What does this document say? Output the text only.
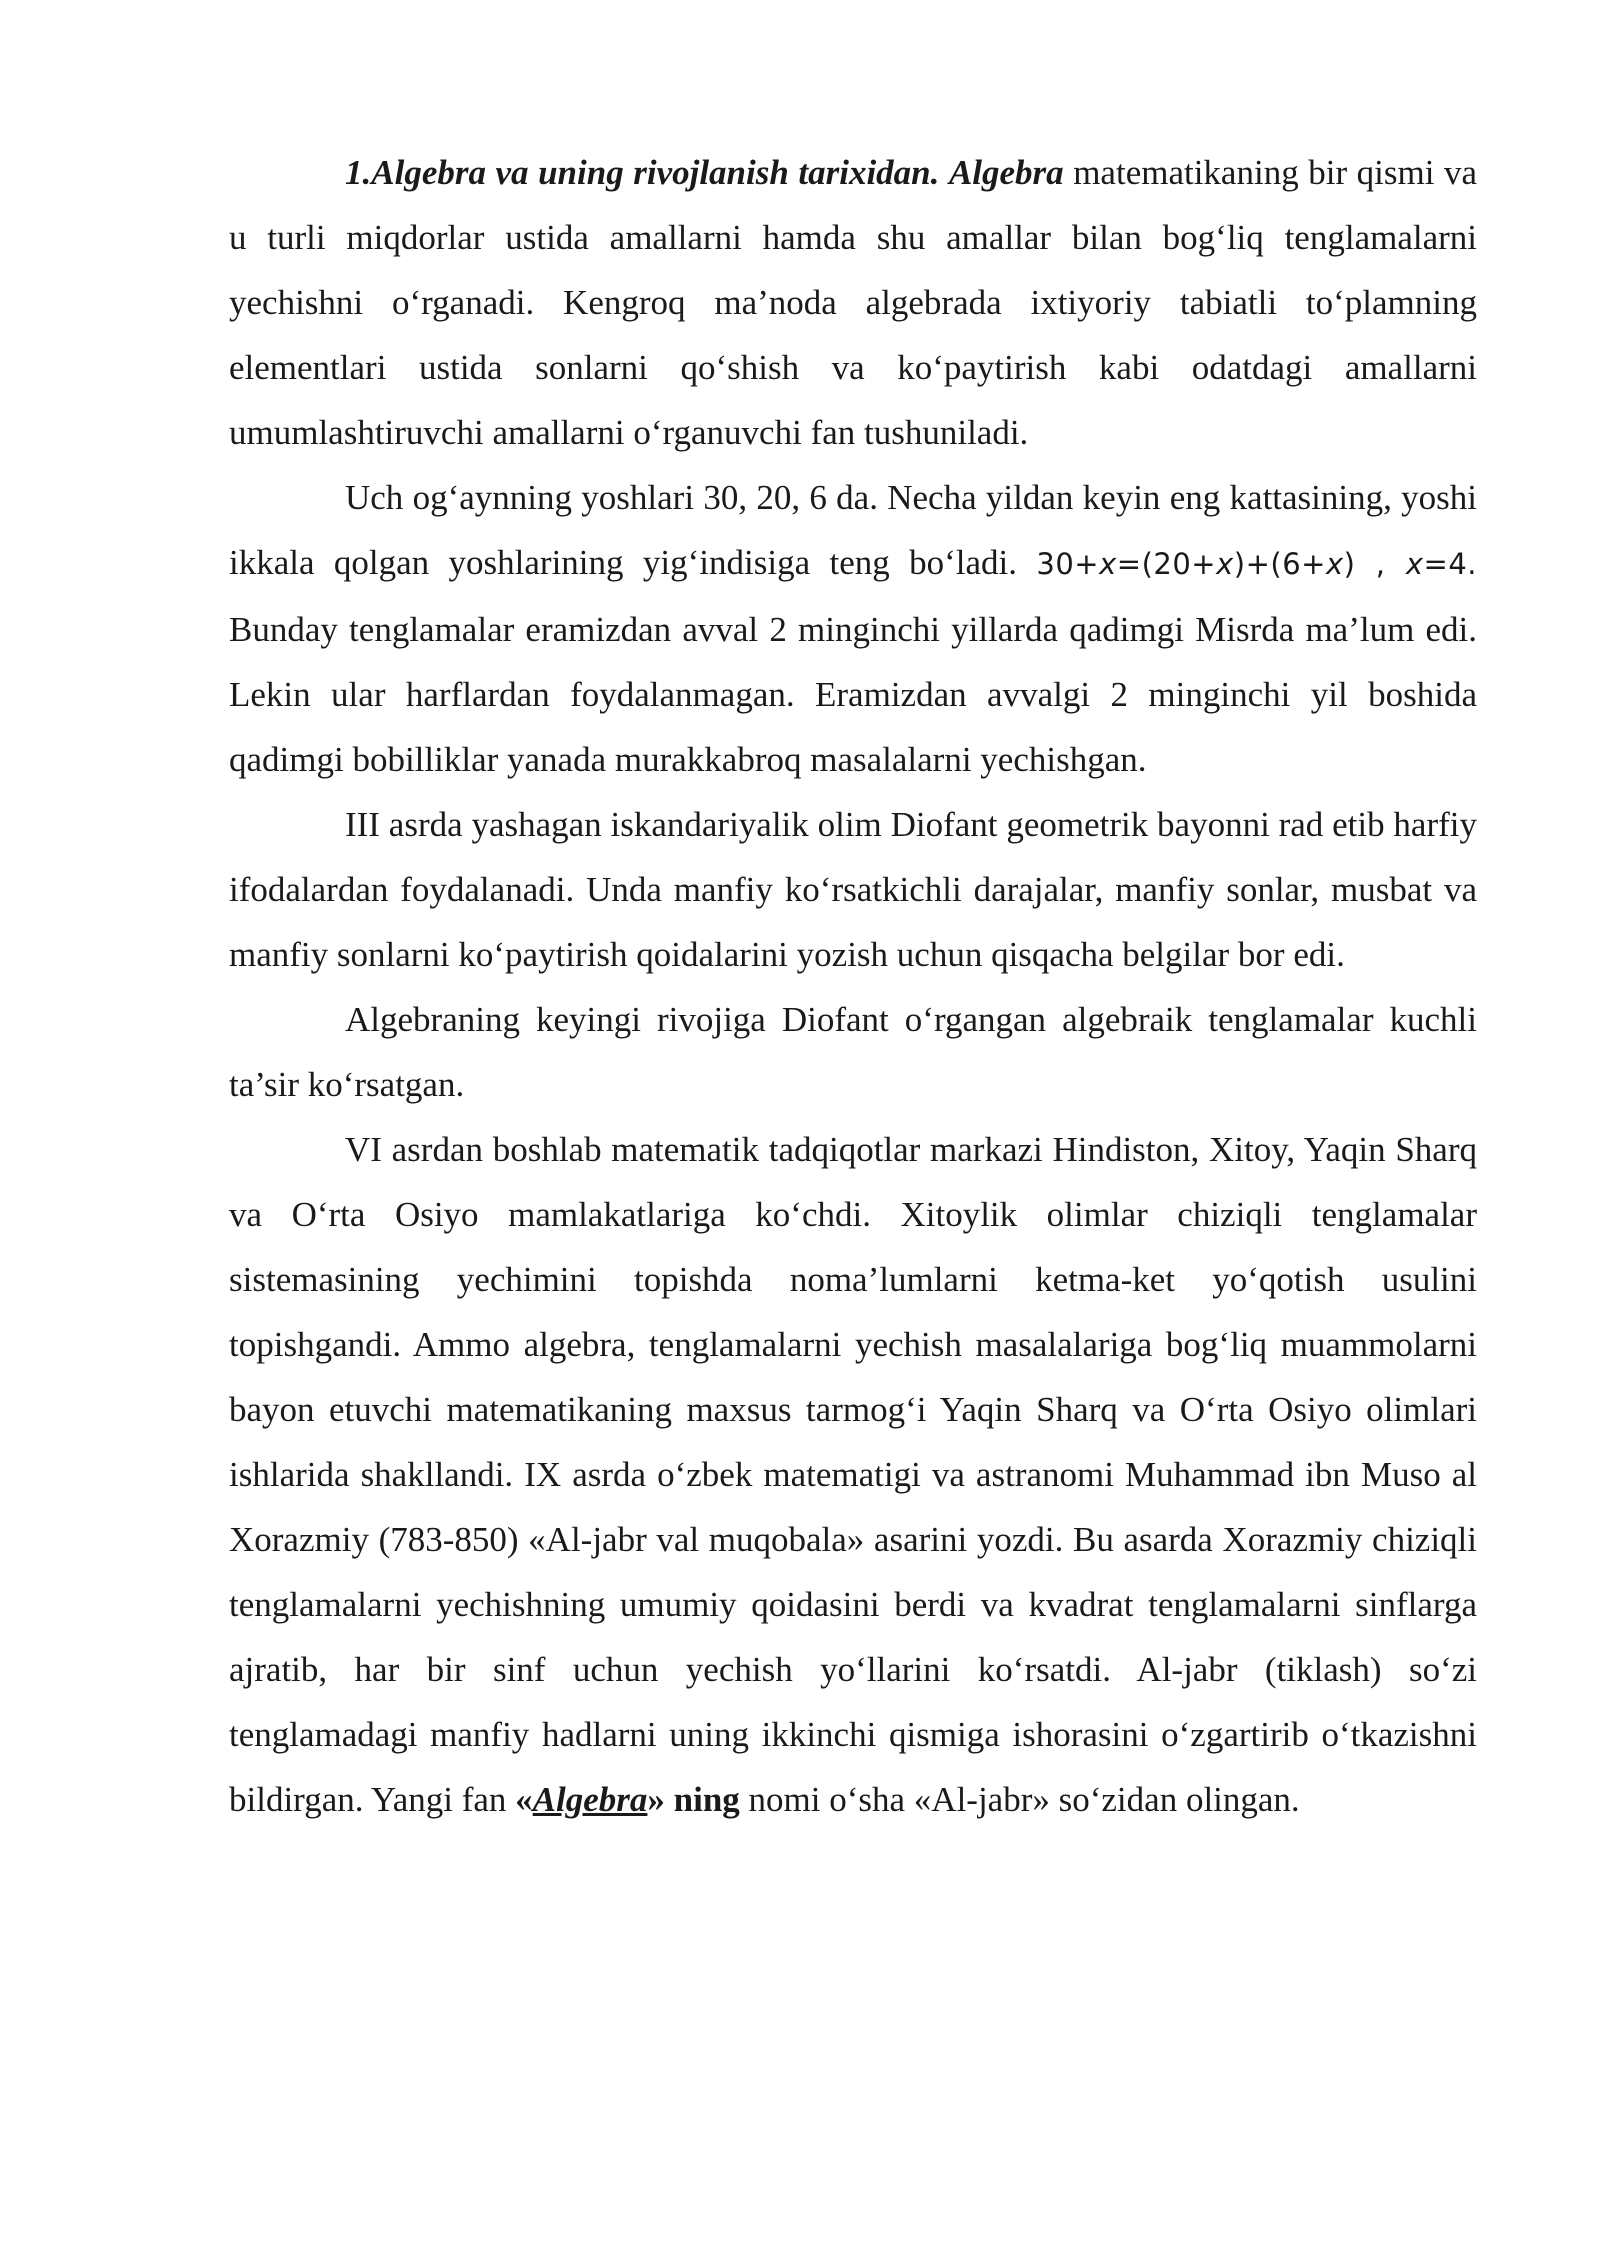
1.Algebra va uning rivojlanish tarixidan. Algebra matematikaning bir qismi va u turli miqdorlar ustida amallarni hamda shu amallar bilan bog‘liq tenglamalarni yechishni o‘rganadi. Kengroq ma’noda algebrada ixtiyoriy tabiatli to‘plamning elementlari ustida sonlarni qo‘shish va ko‘paytirish kabi odatdagi amallarni umumlashtiruvchi amallarni o‘rganuvchi fan tushuniladi.

Uch og‘aynning yoshlari 30, 20, 6 da. Necha yildan keyin eng kattasining, yoshi ikkala qolgan yoshlarining yig‘indisiga teng bo‘ladi. 30+x=(20+x)+(6+x) , x=4. Bunday tenglamalar eramizdan avval 2 minginchi yillarda qadimgi Misrda ma’lum edi. Lekin ular harflardan foydalanmagan. Eramizdan avvalgi 2 minginchi yil boshida qadimgi bobilliklar yanada murakkabroq masalalarni yechishgan.

III asrda yashagan iskandariyalik olim Diofant geometrik bayonni rad etib harfiy ifodalardan foydalanadi. Unda manfiy ko‘rsatkichli darajalar, manfiy sonlar, musbat va manfiy sonlarni ko‘paytirish qoidalarini yozish uchun qisqacha belgilar bor edi.

Algebraning keyingi rivojiga Diofant o‘rgangan algebraik tenglamalar kuchli ta’sir ko‘rsatgan.

VI asrdan boshlab matematik tadqiqotlar markazi Hindiston, Xitoy, Yaqin Sharq va O‘rta Osiyo mamlakatlariga ko‘chdi. Xitoylik olimlar chiziqli tenglamalar sistemasining yechimini topishda noma’lumlarni ketma-ket yo‘qotish usulini topishgandi. Ammo algebra, tenglamalarni yechish masalalariga bog‘liq muammolarni bayon etuvchi matematikaning maxsus tarmog‘i Yaqin Sharq va O‘rta Osiyo olimlari ishlarida shakllandi. IX asrda o‘zbek matematigi va astranomi Muhammad ibn Muso al Xorazmiy (783-850) «Al-jabr val muqobala» asarini yozdi. Bu asarda Xorazmiy chiziqli tenglamalarni yechishning umumiy qoidasini berdi va kvadrat tenglamalarni sinflarga ajratib, har bir sinf uchun yechish yo‘llarini ko‘rsatdi. Al-jabr (tiklash) so‘zi tenglamadagi manfiy hadlarni uning ikkinchi qismiga ishorasini o‘zgartirib o‘tkazishni bildirgan. Yangi fan «Algebra» ning nomi o‘sha «Al-jabr» so‘zidan olingan.
